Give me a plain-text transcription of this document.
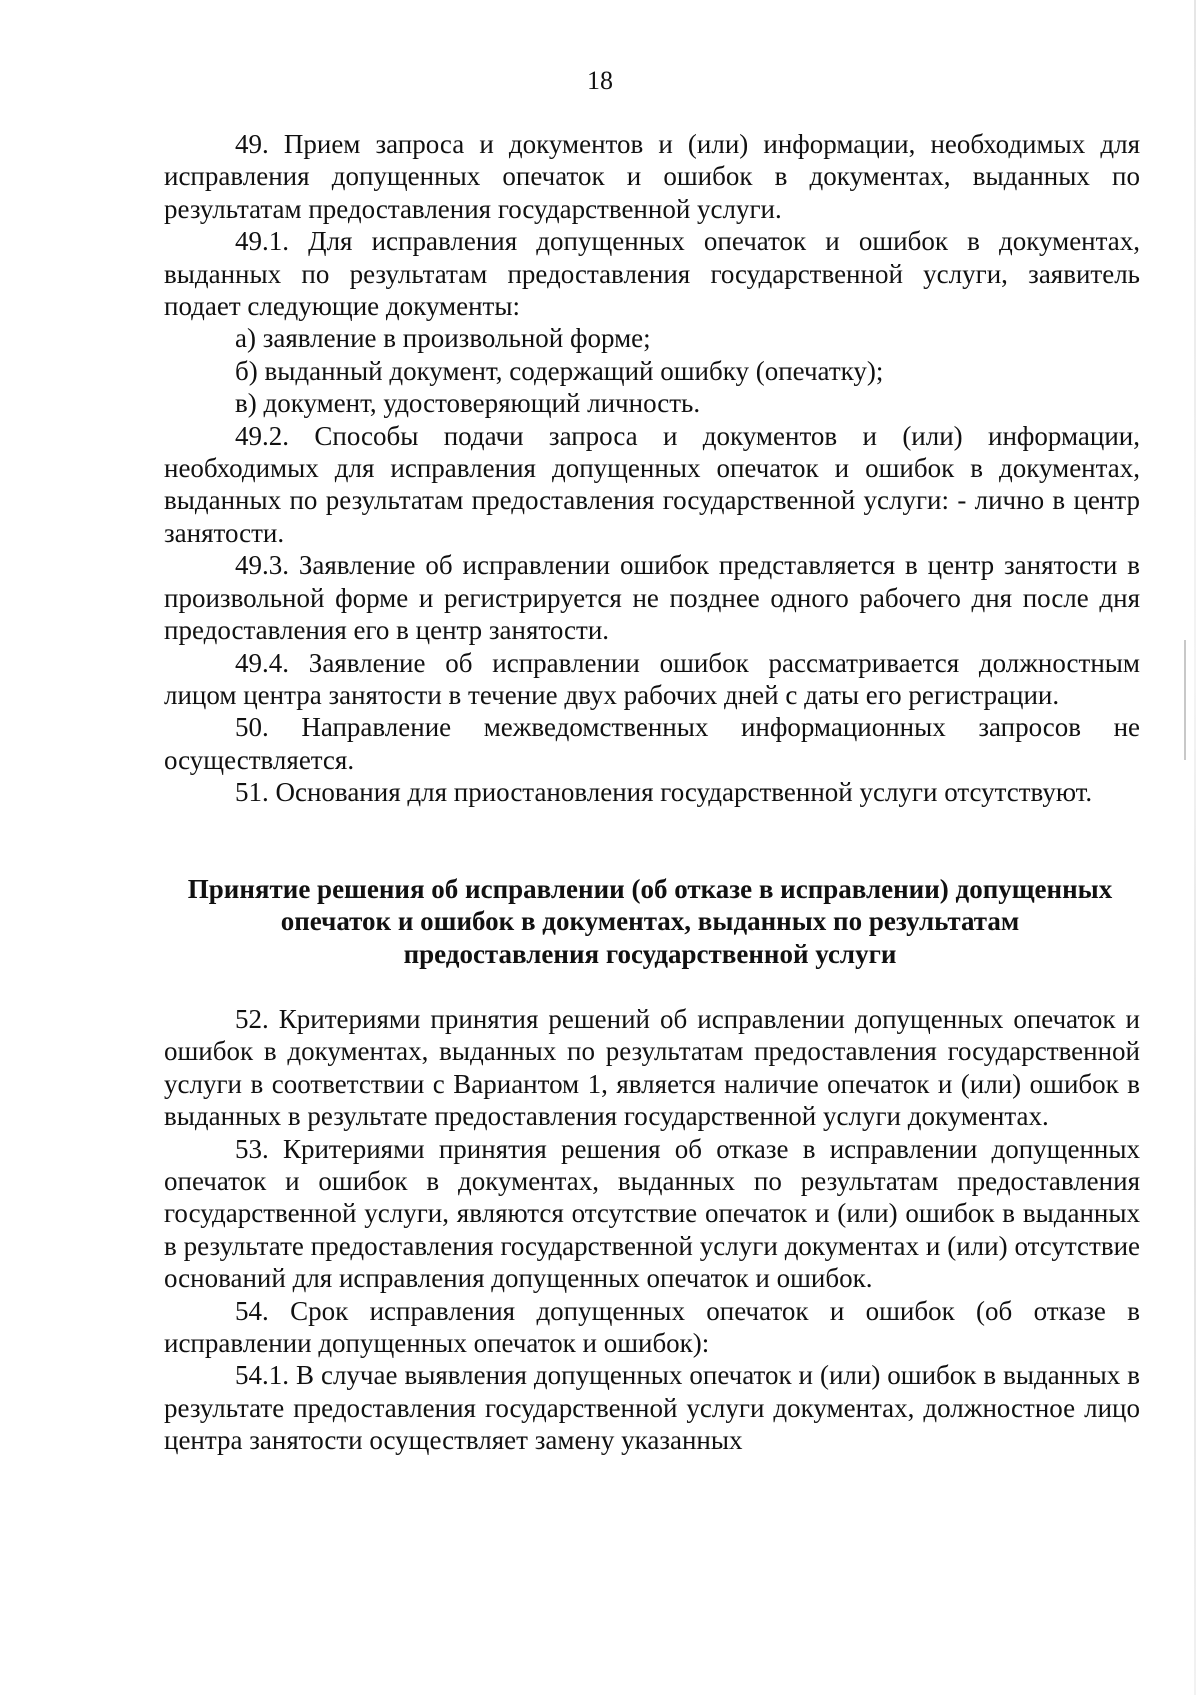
18

49. Прием запроса и документов и (или) информации, необходимых для исправления допущенных опечаток и ошибок в документах, выданных по результатам предоставления государственной услуги.

49.1. Для исправления допущенных опечаток и ошибок в документах, выданных по результатам предоставления государственной услуги, заявитель подает следующие документы:

а) заявление в произвольной форме;

б) выданный документ, содержащий ошибку (опечатку);

в) документ, удостоверяющий личность.

49.2. Способы подачи запроса и документов и (или) информации, необходимых для исправления допущенных опечаток и ошибок в документах, выданных по результатам предоставления государственной услуги: - лично в центр занятости.

49.3. Заявление об исправлении ошибок представляется в центр занятости в произвольной форме и регистрируется не позднее одного рабочего дня после дня предоставления его в центр занятости.

49.4. Заявление об исправлении ошибок рассматривается должностным лицом центра занятости в течение двух рабочих дней с даты его регистрации.

50. Направление межведомственных информационных запросов не осуществляется.

51. Основания для приостановления государственной услуги отсутствуют.

Принятие решения об исправлении (об отказе в исправлении) допущенных

опечаток и ошибок в документах, выданных по результатам

предоставления государственной услуги

52. Критериями принятия решений об исправлении допущенных опечаток и ошибок в документах, выданных по результатам предоставления государственной услуги в соответствии с Вариантом 1, является наличие опечаток и (или) ошибок в выданных в результате предоставления государственной услуги документах.

53. Критериями принятия решения об отказе в исправлении допущенных опечаток и ошибок в документах, выданных по результатам предоставления государственной услуги, являются отсутствие опечаток и (или) ошибок в выданных в результате предоставления государственной услуги документах и (или) отсутствие оснований для исправления допущенных опечаток и ошибок.

54. Срок исправления допущенных опечаток и ошибок (об отказе в исправлении допущенных опечаток и ошибок):

54.1. В случае выявления допущенных опечаток и (или) ошибок в выданных в результате предоставления государственной услуги документах, должностное лицо центра занятости осуществляет замену указанных
